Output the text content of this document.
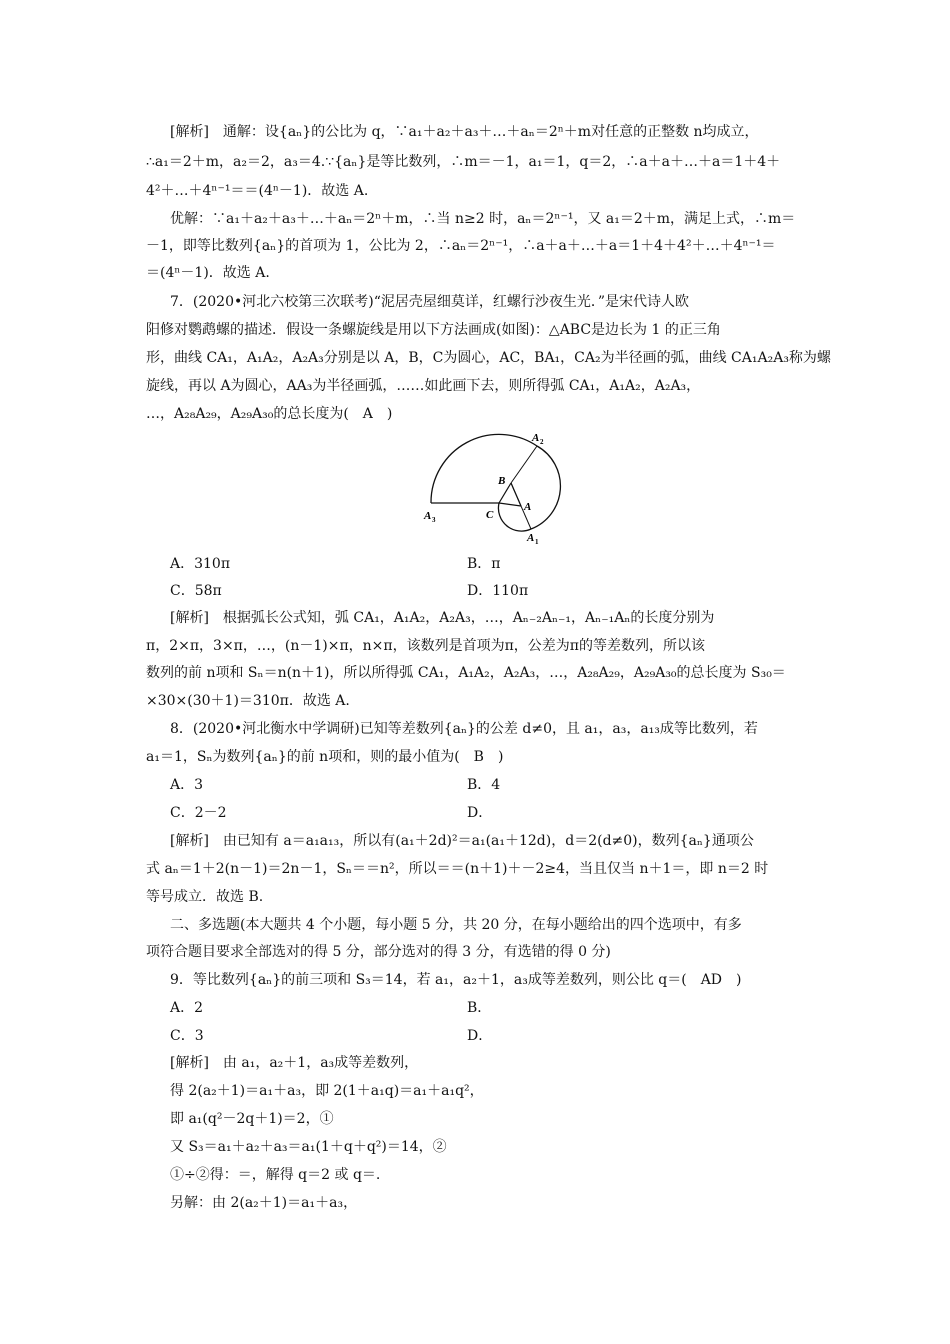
[解析]　通解：设{aₙ}的公比为 q，∵a₁＋a₂＋a₃＋…＋aₙ＝2ⁿ＋m对任意的正整数 n均成立，
∴a₁＝2＋m，a₂＝2，a₃＝4.∵{aₙ}是等比数列，∴m＝－1，a₁＝1，q＝2，∴a＋a＋…＋a＝1＋4＋
4²＋…＋4ⁿ⁻¹＝＝(4ⁿ－1)．故选 A.
优解：∵a₁＋a₂＋a₃＋…＋aₙ＝2ⁿ＋m，∴当 n≥2 时，aₙ＝2ⁿ⁻¹，又 a₁＝2＋m，满足上式，∴m＝
－1，即等比数列{aₙ}的首项为 1，公比为 2，∴aₙ＝2ⁿ⁻¹，∴a＋a＋…＋a＝1＋4＋4²＋…＋4ⁿ⁻¹＝
＝(4ⁿ－1)．故选 A.
7．(2020•河北六校第三次联考)“泥居壳屋细莫详，红螺行沙夜生光．”是宋代诗人欧
阳修对鹦鹉螺的描述．假设一条螺旋线是用以下方法画成(如图)：△ABC是边长为 1 的正三角
形，曲线 CA₁，A₁A₂，A₂A₃分别是以 A，B，C为圆心，AC，BA₁，CA₂为半径画的弧，曲线 CA₁A₂A₃称为螺
旋线，再以 A为圆心，AA₃为半径画弧，……如此画下去，则所得弧 CA₁，A₁A₂，A₂A₃，
…，A₂₈A₂₉，A₂₉A₃₀的总长度为(　A　)
A 2
B
A
C
A 3
A 1
A．310π	B．π
C．58π	D．110π
[解析]　根据弧长公式知，弧 CA₁，A₁A₂，A₂A₃，…，Aₙ₋₂Aₙ₋₁，Aₙ₋₁Aₙ的长度分别为
π，2×π，3×π，…，(n－1)×π，n×π，该数列是首项为π，公差为π的等差数列，所以该
数列的前 n项和 Sₙ＝n(n＋1)，所以所得弧 CA₁，A₁A₂，A₂A₃，…，A₂₈A₂₉，A₂₉A₃₀的总长度为 S₃₀＝
×30×(30＋1)＝310π．故选 A.
8．(2020•河北衡水中学调研)已知等差数列{aₙ}的公差 d≠0，且 a₁，a₃，a₁₃成等比数列，若
a₁＝1，Sₙ为数列{aₙ}的前 n项和，则的最小值为(　B　)
A．3	B．4
C．2－2	D．
[解析]　由已知有 a＝a₁a₁₃，所以有(a₁＋2d)²＝a₁(a₁＋12d)，d＝2(d≠0)，数列{aₙ}通项公
式 aₙ＝1＋2(n－1)＝2n－1，Sₙ＝＝n²，所以＝＝(n＋1)＋－2≥4，当且仅当 n＋1＝，即 n＝2 时
等号成立．故选 B.
二、多选题(本大题共 4 个小题，每小题 5 分，共 20 分，在每小题给出的四个选项中，有多
项符合题目要求全部选对的得 5 分，部分选对的得 3 分，有选错的得 0 分)
9．等比数列{aₙ}的前三项和 S₃＝14，若 a₁，a₂＋1，a₃成等差数列，则公比 q＝(　AD　)
A．2	B．
C．3	D．
[解析]　由 a₁，a₂＋1，a₃成等差数列，
得 2(a₂＋1)＝a₁＋a₃，即 2(1＋a₁q)＝a₁＋a₁q²，
即 a₁(q²－2q＋1)＝2，①
又 S₃＝a₁＋a₂＋a₃＝a₁(1＋q＋q²)＝14，②
①÷②得：＝，解得 q＝2 或 q＝.
另解：由 2(a₂＋1)＝a₁＋a₃，
